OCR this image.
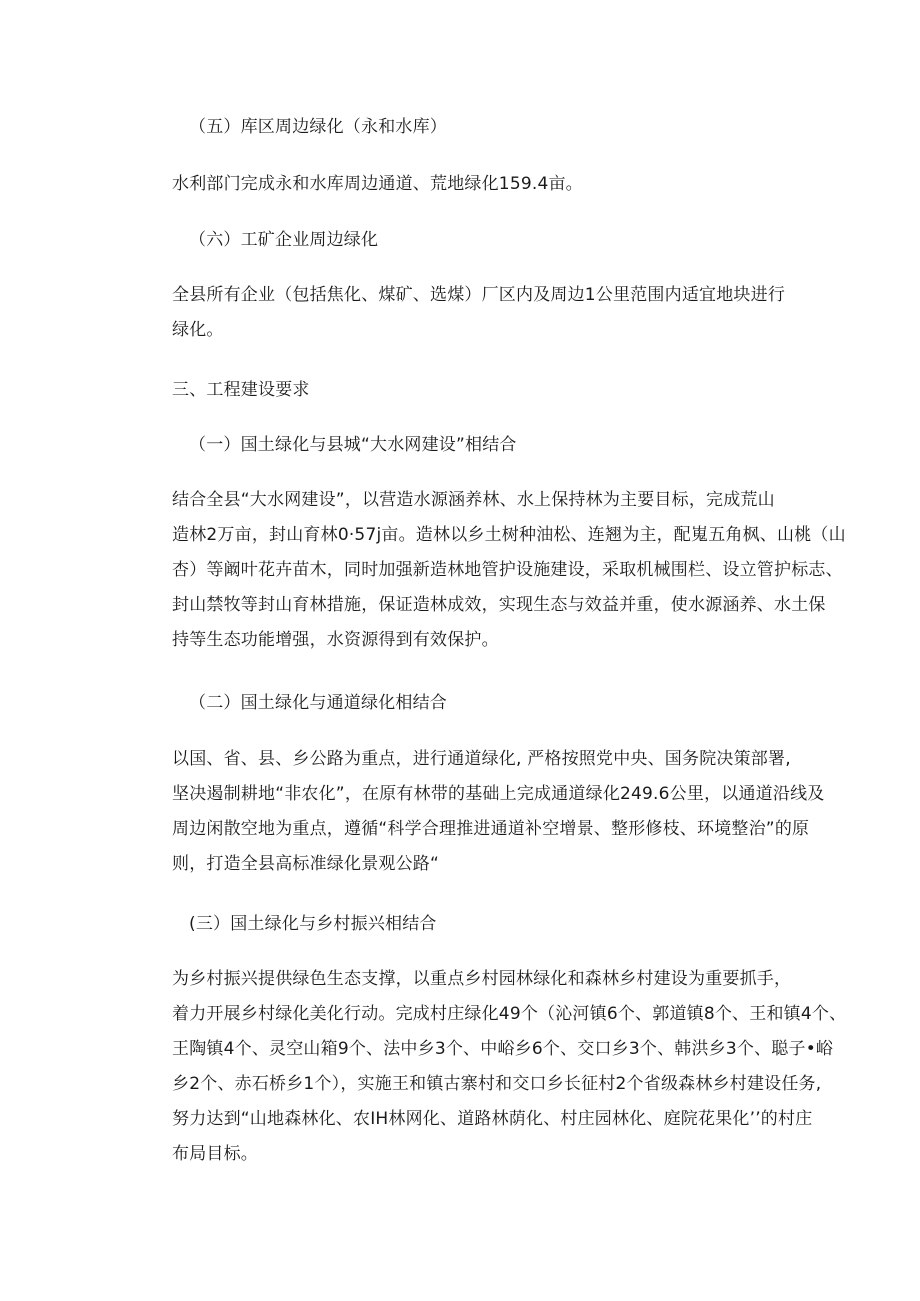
（五）库区周边绿化（永和水库）

水利部门完成永和水库周边通道、荒地绿化159.4亩。

（六）工矿企业周边绿化

全县所有企业（包括焦化、煤矿、选煤）厂区内及周边1公里范围内适宜地块进行
绿化。

三、工程建设要求

（一）国土绿化与县城“大水网建设”相结合

结合全县“大水网建设”，以营造水源涵养林、水上保持林为主要目标，完成荒山
造林2万亩，封山育林0·57j亩。造林以乡土树种油松、连翘为主，配嵬五角枫、山桃（山
杏）等阚叶花卉苗木，同时加强新造林地管护设施建设，采取机械围栏、设立管护标志、
封山禁牧等封山育林措施，保证造林成效，实现生态与效益并重，使水源涵养、水土保
持等生态功能增强，水资源得到有效保护。

（二）国土绿化与通道绿化相结合

以国、省、县、乡公路为重点，进行通道绿化, 严格按照党中央、国务院决策部署,
坚决遏制耕地“非农化”，在原有林带的基础上完成通道绿化249.6公里，以通道沿线及
周边闲散空地为重点，遵循“科学合理推进通道补空增景、整形修枝、环境整治”的原
则，打造全县高标准绿化景观公路“

(三）国土绿化与乡村振兴相结合

为乡村振兴提供绿色生态支撑，以重点乡村园林绿化和森林乡村建设为重要抓手，
着力开展乡村绿化美化行动。完成村庄绿化49个（沁河镇6个、郭道镇8个、王和镇4个、
王陶镇4个、灵空山箱9个、法中乡3个、中峪乡6个、交口乡3个、韩洪乡3个、聪子•峪
乡2个、赤石桥乡1个），实施王和镇古寨村和交口乡长征村2个省级森林乡村建设任务,
努力达到“山地森林化、农IH林网化、道路林荫化、村庄园林化、庭院花果化’’的村庄
布局目标。
